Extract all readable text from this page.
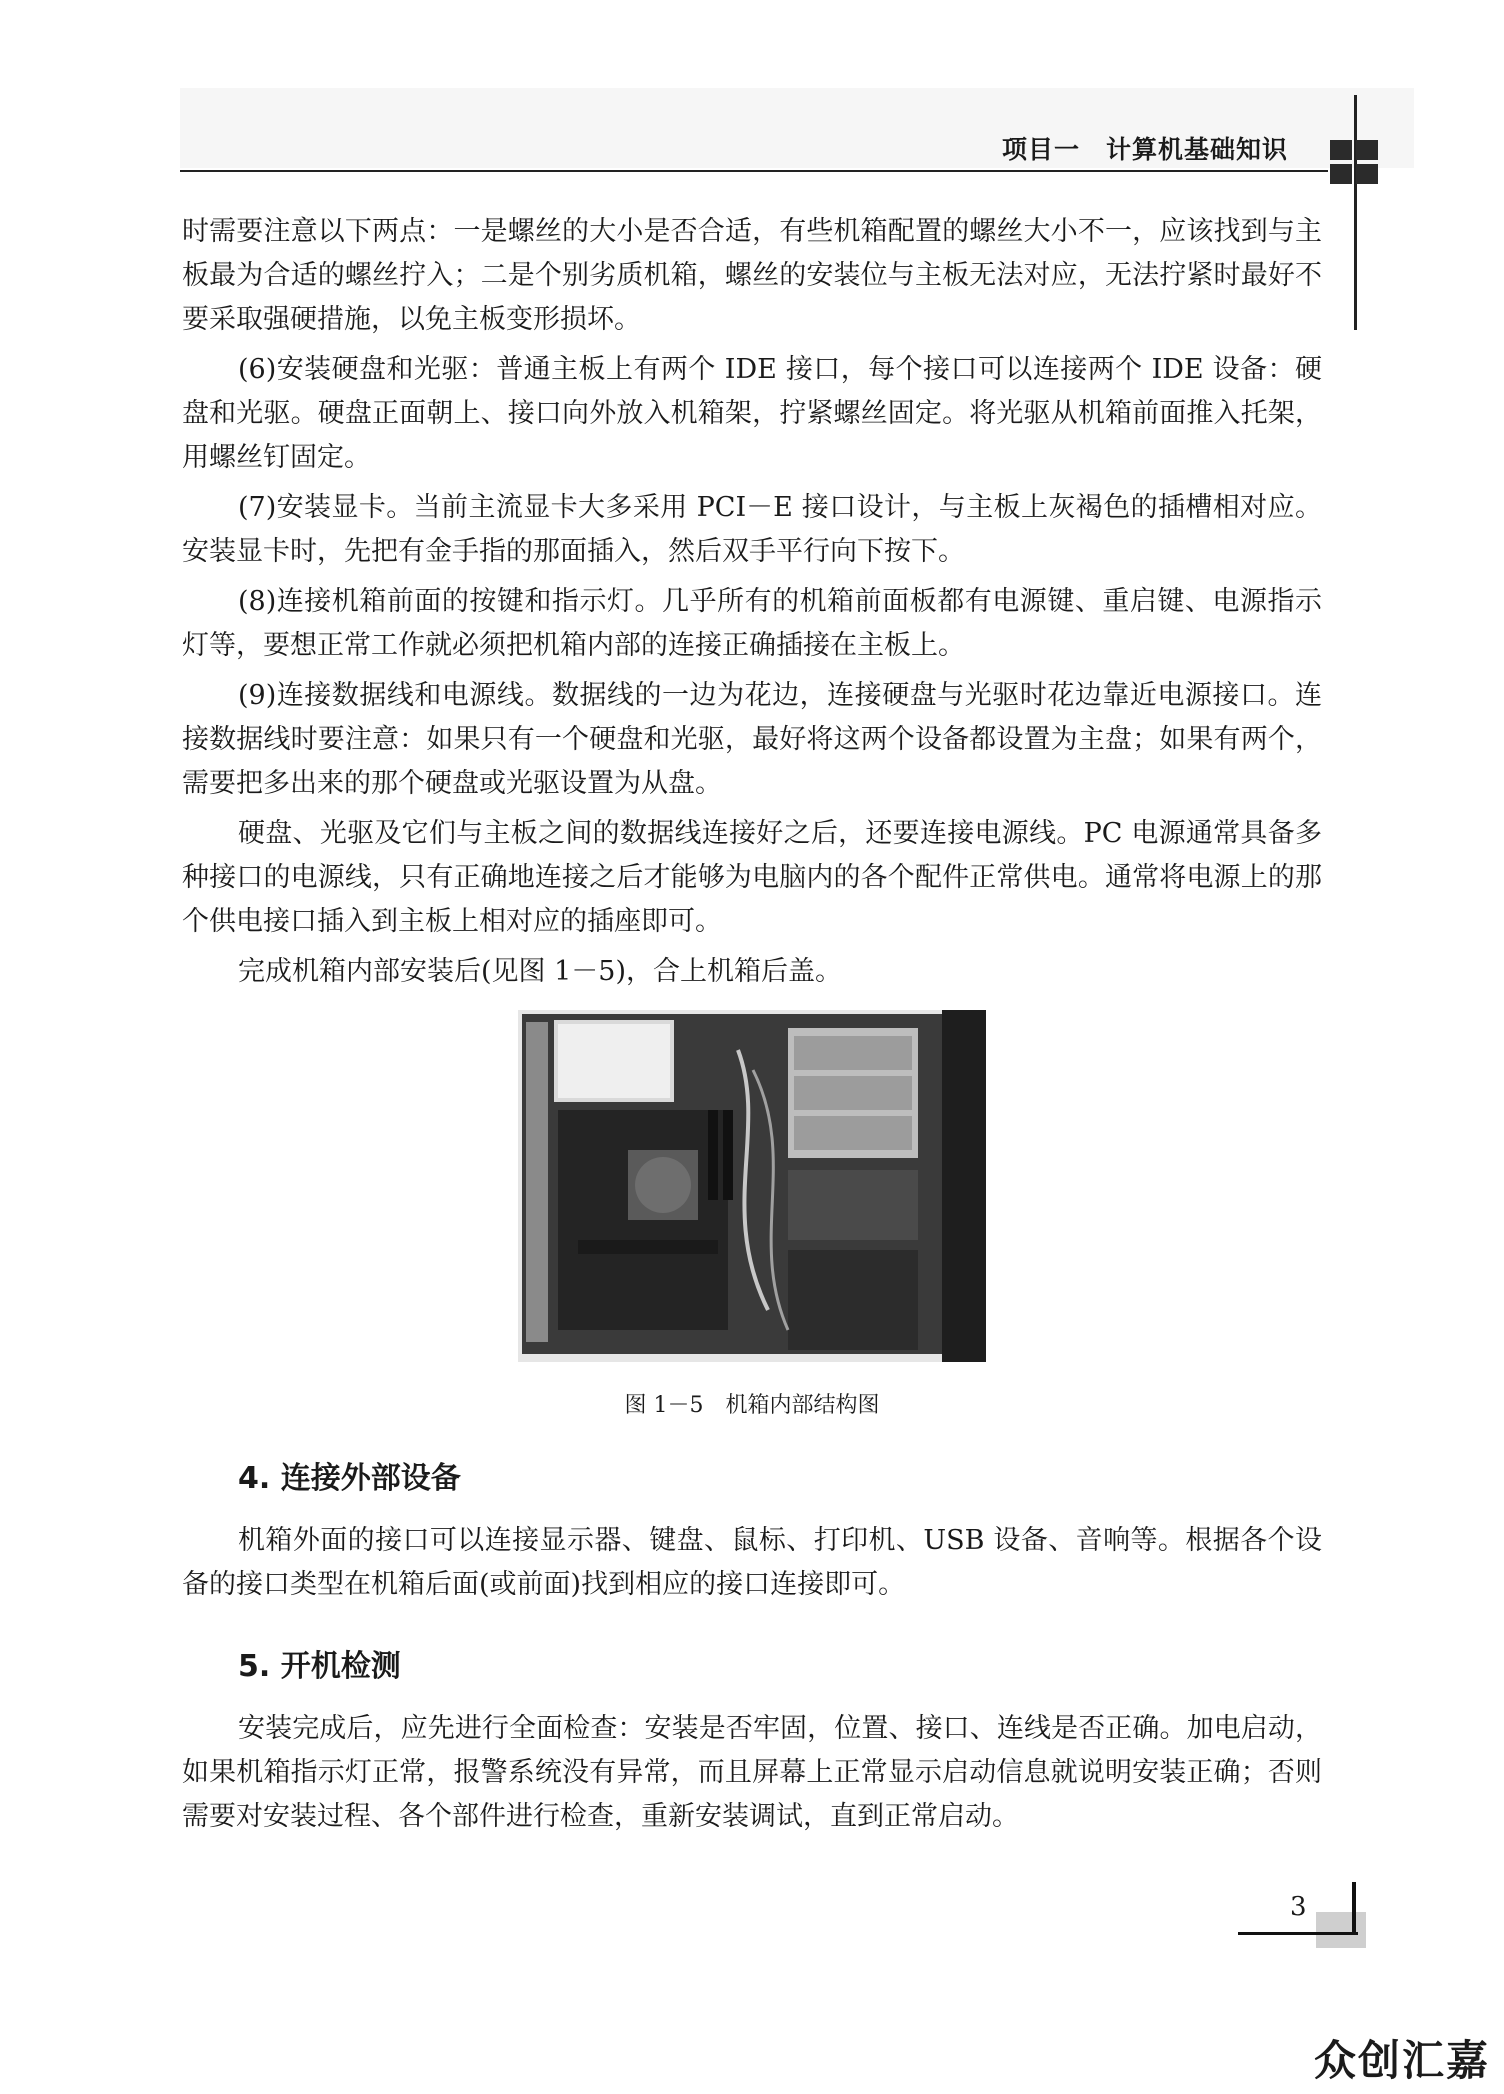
项目一　计算机基础知识

时需要注意以下两点：一是螺丝的大小是否合适，有些机箱配置的螺丝大小不一，应该找到与主板最为合适的螺丝拧入；二是个别劣质机箱，螺丝的安装位与主板无法对应，无法拧紧时最好不要采取强硬措施，以免主板变形损坏。

(6)安装硬盘和光驱：普通主板上有两个 IDE 接口，每个接口可以连接两个 IDE 设备：硬盘和光驱。硬盘正面朝上、接口向外放入机箱架，拧紧螺丝固定。将光驱从机箱前面推入托架，用螺丝钉固定。

(7)安装显卡。当前主流显卡大多采用 PCI－E 接口设计，与主板上灰褐色的插槽相对应。安装显卡时，先把有金手指的那面插入，然后双手平行向下按下。

(8)连接机箱前面的按键和指示灯。几乎所有的机箱前面板都有电源键、重启键、电源指示灯等，要想正常工作就必须把机箱内部的连接正确插接在主板上。

(9)连接数据线和电源线。数据线的一边为花边，连接硬盘与光驱时花边靠近电源接口。连接数据线时要注意：如果只有一个硬盘和光驱，最好将这两个设备都设置为主盘；如果有两个，需要把多出来的那个硬盘或光驱设置为从盘。

硬盘、光驱及它们与主板之间的数据线连接好之后，还要连接电源线。PC 电源通常具备多种接口的电源线，只有正确地连接之后才能够为电脑内的各个配件正常供电。通常将电源上的那个供电接口插入到主板上相对应的插座即可。

完成机箱内部安装后(见图 1－5)，合上机箱后盖。

图 1－5　机箱内部结构图
4. 连接外部设备

机箱外面的接口可以连接显示器、键盘、鼠标、打印机、USB 设备、音响等。根据各个设备的接口类型在机箱后面(或前面)找到相应的接口连接即可。

5. 开机检测

安装完成后，应先进行全面检查：安装是否牢固，位置、接口、连线是否正确。加电启动，如果机箱指示灯正常，报警系统没有异常，而且屏幕上正常显示启动信息就说明安装正确；否则需要对安装过程、各个部件进行检查，重新安装调试，直到正常启动。

3
众创汇嘉
